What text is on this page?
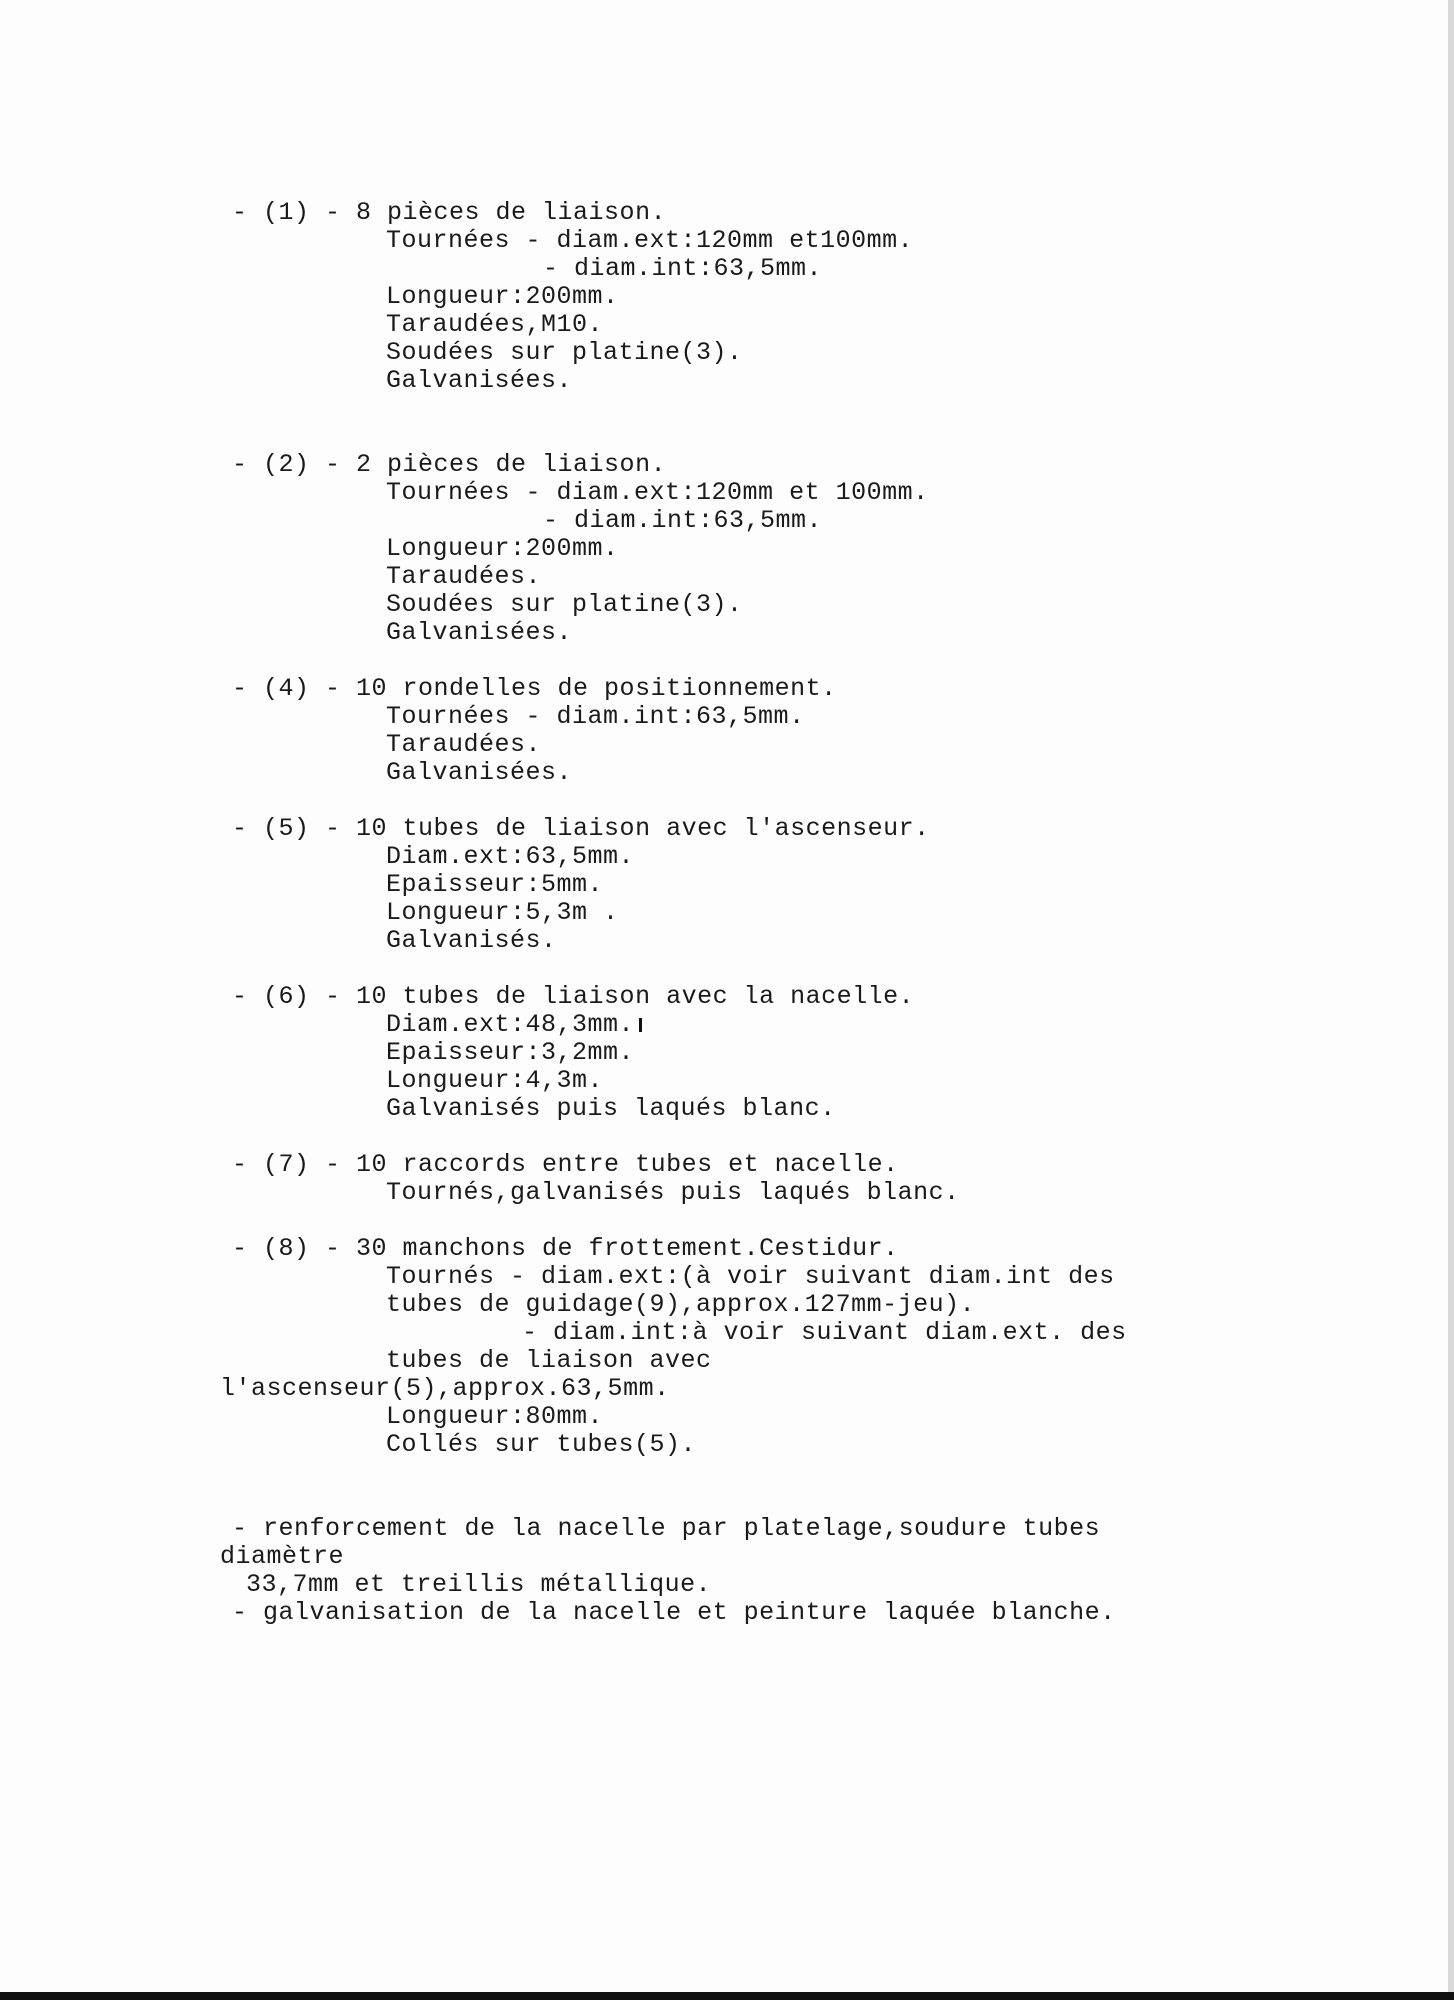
- (1) - 8 pièces de liaison.
Tournées - diam.ext:120mm et100mm.
- diam.int:63,5mm.
Longueur:200mm.
Taraudées,M10.
Soudées sur platine(3).
Galvanisées.
- (2) - 2 pièces de liaison.
Tournées - diam.ext:120mm et 100mm.
- diam.int:63,5mm.
Longueur:200mm.
Taraudées.
Soudées sur platine(3).
Galvanisées.
- (4) - 10 rondelles de positionnement.
Tournées - diam.int:63,5mm.
Taraudées.
Galvanisées.
- (5) - 10 tubes de liaison avec l'ascenseur.
Diam.ext:63,5mm.
Epaisseur:5mm.
Longueur:5,3m .
Galvanisés.
- (6) - 10 tubes de liaison avec la nacelle.
Diam.ext:48,3mm.
Epaisseur:3,2mm.
Longueur:4,3m.
Galvanisés puis laqués blanc.
- (7) - 10 raccords entre tubes et nacelle.
Tournés,galvanisés puis laqués blanc.
- (8) - 30 manchons de frottement.Cestidur.
Tournés - diam.ext:(à voir suivant diam.int des
tubes de guidage(9),approx.127mm-jeu).
- diam.int:à voir suivant diam.ext. des
tubes de liaison avec
l'ascenseur(5),approx.63,5mm.
Longueur:80mm.
Collés sur tubes(5).
- renforcement de la nacelle par platelage,soudure tubes
diamètre
33,7mm et treillis métallique.
- galvanisation de la nacelle et peinture laquée blanche.
